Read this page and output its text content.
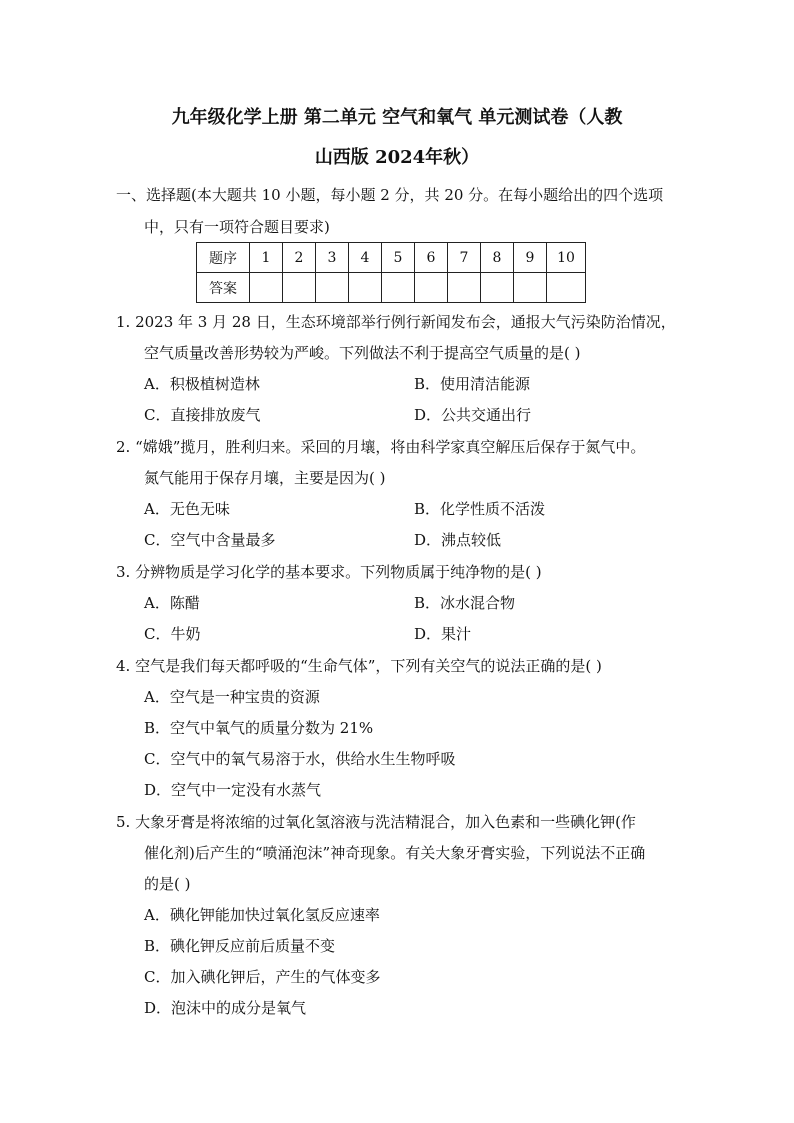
九年级化学上册 第二单元 空气和氧气 单元测试卷（人教
山西版 2024年秋）
一、选择题(本大题共 10 小题，每小题 2 分，共 20 分。在每小题给出的四个选项
中，只有一项符合题目要求)
题序	1	2	3	4	5	6	7	8	9	10
答案										
1. 2023 年 3 月 28 日，生态环境部举行例行新闻发布会，通报大气污染防治情况，
空气质量改善形势较为严峻。下列做法不利于提高空气质量的是( )
A．积极植树造林	B．使用清洁能源
C．直接排放废气	D．公共交通出行
2. “嫦娥”揽月，胜利归来。采回的月壤，将由科学家真空解压后保存于氮气中。
氮气能用于保存月壤，主要是因为( )
A．无色无味	B．化学性质不活泼
C．空气中含量最多	D．沸点较低
3. 分辨物质是学习化学的基本要求。下列物质属于纯净物的是( )
A．陈醋	B．冰水混合物
C．牛奶	D．果汁
4. 空气是我们每天都呼吸的“生命气体”，下列有关空气的说法正确的是( )
A．空气是一种宝贵的资源
B．空气中氧气的质量分数为 21%
C．空气中的氧气易溶于水，供给水生生物呼吸
D．空气中一定没有水蒸气
5. 大象牙膏是将浓缩的过氧化氢溶液与洗洁精混合，加入色素和一些碘化钾(作
催化剂)后产生的“喷涌泡沫”神奇现象。有关大象牙膏实验，下列说法不正确
的是( )
A．碘化钾能加快过氧化氢反应速率
B．碘化钾反应前后质量不变
C．加入碘化钾后，产生的气体变多
D．泡沫中的成分是氧气
